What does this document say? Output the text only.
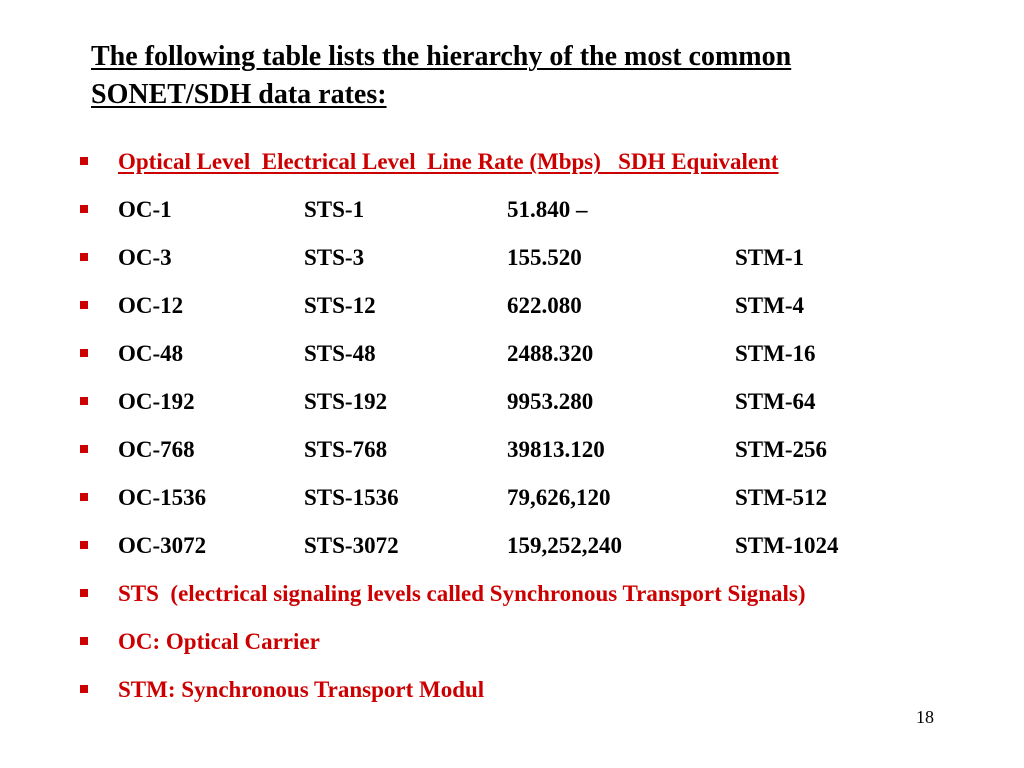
The following table lists the hierarchy of the most common
SONET/SDH data rates:
Optical Level  Electrical Level  Line Rate (Mbps)   SDH Equivalent
OC-1	STS-1	51.840 –
OC-3	STS-3	155.520	STM-1
OC-12	STS-12	622.080	STM-4
OC-48	STS-48	2488.320	STM-16
OC-192	STS-192	9953.280	STM-64
OC-768	STS-768	39813.120	STM-256
OC-1536	STS-1536	79,626,120	STM-512
OC-3072	STS-3072	159,252,240	STM-1024
STS  (electrical signaling levels called Synchronous Transport Signals)
OC: Optical Carrier
STM: Synchronous Transport Modul
18
